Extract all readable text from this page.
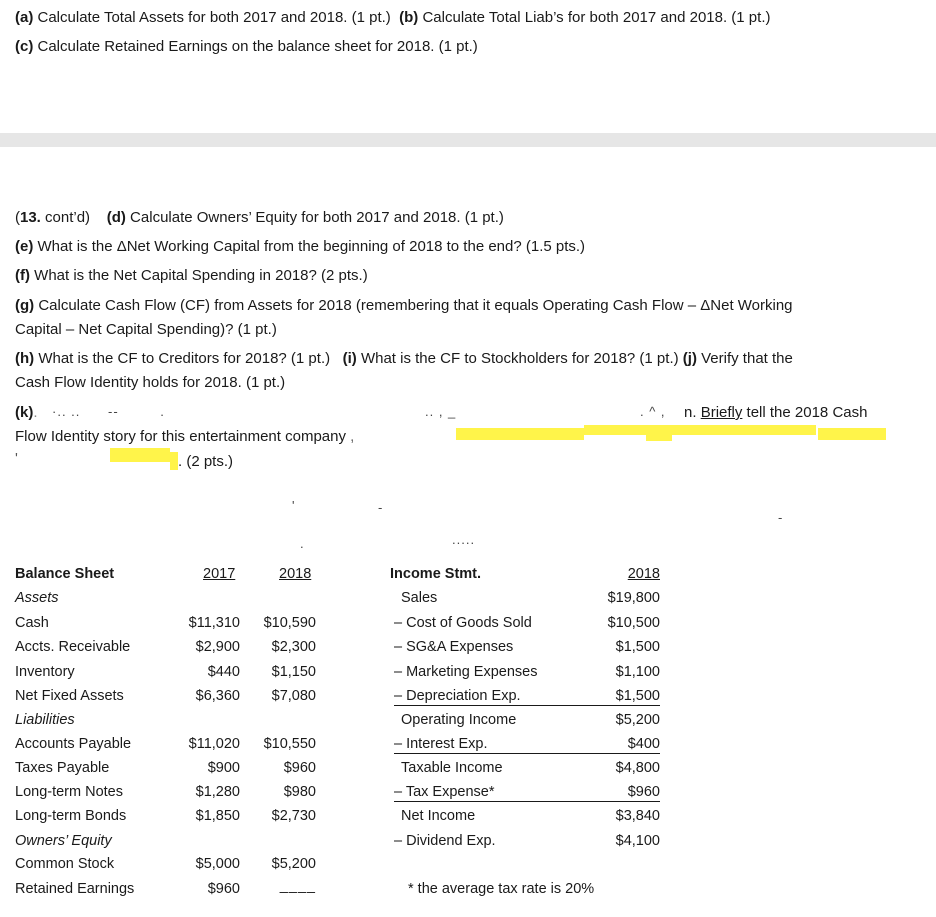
(a) Calculate Total Assets for both 2017 and 2018. (1 pt.) (b) Calculate Total Liab’s for both 2017 and 2018. (1 pt.)
(c) Calculate Retained Earnings on the balance sheet for 2018. (1 pt.)
(13. cont’d) (d) Calculate Owners’ Equity for both 2017 and 2018. (1 pt.)
(e) What is the ΔNet Working Capital from the beginning of 2018 to the end? (1.5 pts.)
(f) What is the Net Capital Spending in 2018? (2 pts.)
(g) Calculate Cash Flow (CF) from Assets for 2018 (remembering that it equals Operating Cash Flow – ΔNet Working
Capital – Net Capital Spending)? (1 pt.)
(h) What is the CF to Creditors for 2018? (1 pt.) (i) What is the CF to Stockholders for 2018? (1 pt.) (j) Verify that the
Cash Flow Identity holds for 2018. (1 pt.)
(k). ·.. ..      --         .	.. , _	. ^ , n. Briefly tell the 2018 Cash
Flow Identity story for this entertainment company ,
'	. (2 pts.)
'	-
-
.	.....
Balance Sheet	2017	2018
Assets
Cash	$11,310 $10,590
Accts. Receivable	$2,900 $2,300
Inventory	$440 $1,150
Net Fixed Assets	$6,360 $7,080
Liabilities
Accounts Payable	$11,020 $10,550
Taxes Payable	$900	$960
Long-term Notes	$1,280	$980
Long-term Bonds	$1,850 $2,730
Owners’ Equity
Common Stock	$5,000 $5,200
Retained Earnings	$960	____
Income Stmt.	2018
Sales	$19,800
– Cost of Goods Sold	$10,500
– SG&A Expenses	$1,500
– Marketing Expenses	$1,100
– Depreciation Exp.	$1,500
Operating Income	$5,200
– Interest Exp.	$400
Taxable Income	$4,800
– Tax Expense*	$960
Net Income	$3,840
– Dividend Exp.	$4,100
* the average tax rate is 20%
